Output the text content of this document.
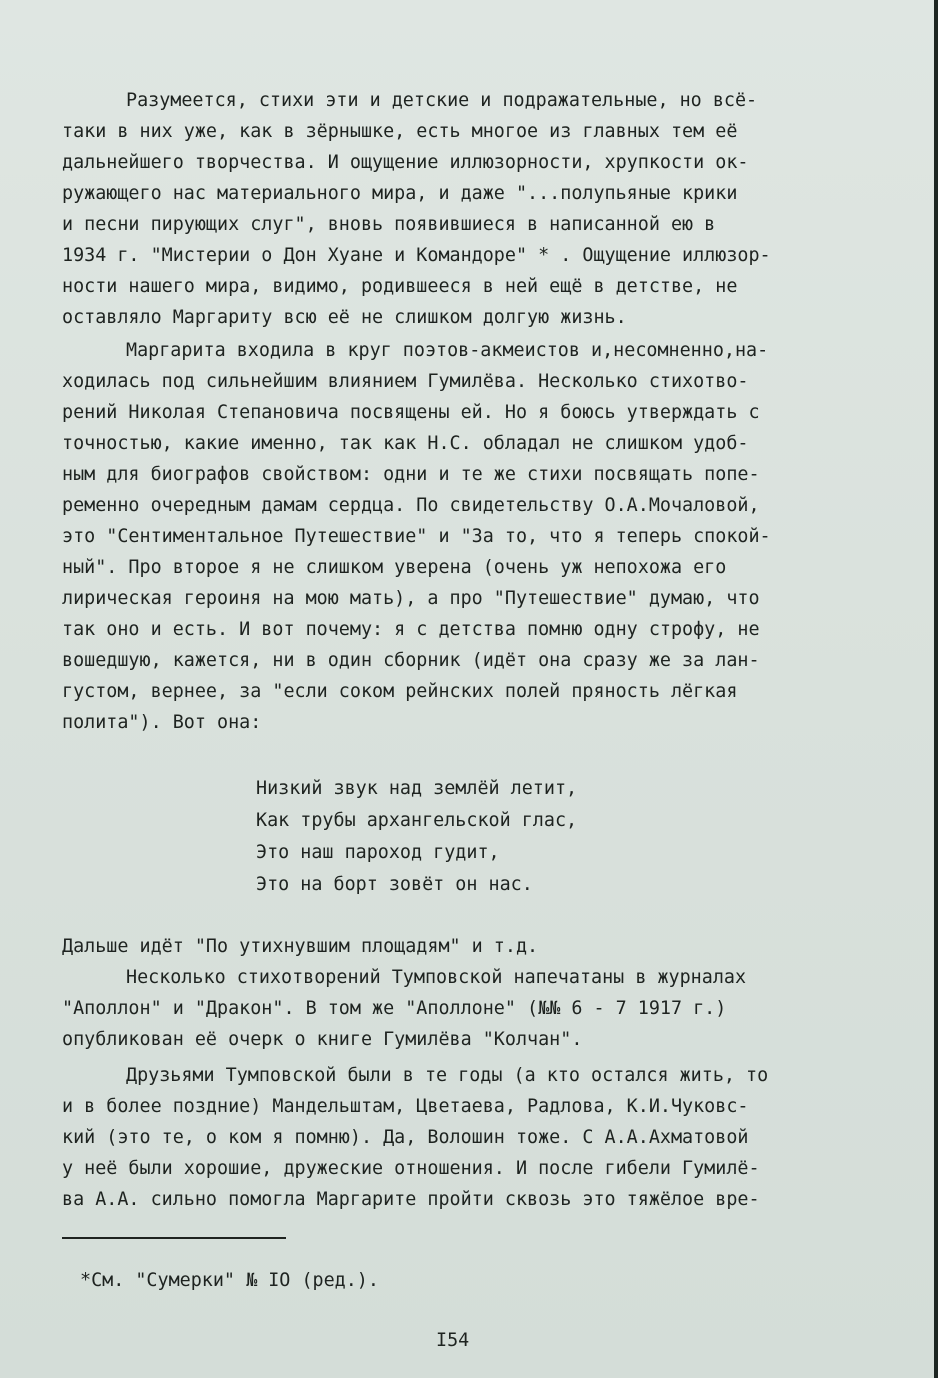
Разумеется, стихи эти и детские и подражательные, но всё-
таки в них уже, как в зёрнышке, есть многое из главных тем её
дальнейшего творчества. И ощущение иллюзорности, хрупкости ок-
ружающего нас материального мира, и даже "...полупьяные крики
и песни пирующих слуг", вновь появившиеся в написанной ею в
1934 г. "Мистерии о Дон Хуане и Командоре" * . Ощущение иллюзор-
ности нашего мира, видимо, родившееся в ней ещё в детстве, не
оставляло Маргариту всю её не слишком долгую жизнь.
Маргарита входила в круг поэтов-акмеистов и,несомненно,на-
ходилась под сильнейшим влиянием Гумилёва. Несколько стихотво-
рений Николая Степановича посвящены ей. Но я боюсь утверждать с
точностью, какие именно, так как Н.С. обладал не слишком удоб-
ным для биографов свойством: одни и те же стихи посвящать попе-
ременно очередным дамам сердца. По свидетельству О.А.Мочаловой,
это "Сентиментальное Путешествие" и "За то, что я теперь спокой-
ный". Про второе я не слишком уверена (очень уж непохожа его
лирическая героиня на мою мать), а про "Путешествие" думаю, что
так оно и есть. И вот почему: я с детства помню одну строфу, не
вошедшую, кажется, ни в один сборник (идёт она сразу же за лан-
густом, вернее, за "если соком рейнских полей пряность лёгкая
полита"). Вот она:
Низкий звук над землёй летит,
Как трубы архангельской глас,
Это наш пароход гудит,
Это на борт зовёт он нас.
Дальше идёт "По утихнувшим площадям" и т.д.
Несколько стихотворений Тумповской напечатаны в журналах
"Аполлон" и "Дракон". В том же "Аполлоне" (№№ 6 - 7 1917 г.)
опубликован её очерк о книге Гумилёва "Колчан".
Друзьями Тумповской были в те годы (а кто остался жить, то
и в более поздние) Мандельштам, Цветаева, Радлова, К.И.Чуковс-
кий (это те, о ком я помню). Да, Волошин тоже. С А.А.Ахматовой
у неё были хорошие, дружеские отношения. И после гибели Гумилё-
ва А.А. сильно помогла Маргарите пройти сквозь это тяжёлое вре-
*См. "Сумерки" № IO (ред.).
I54
